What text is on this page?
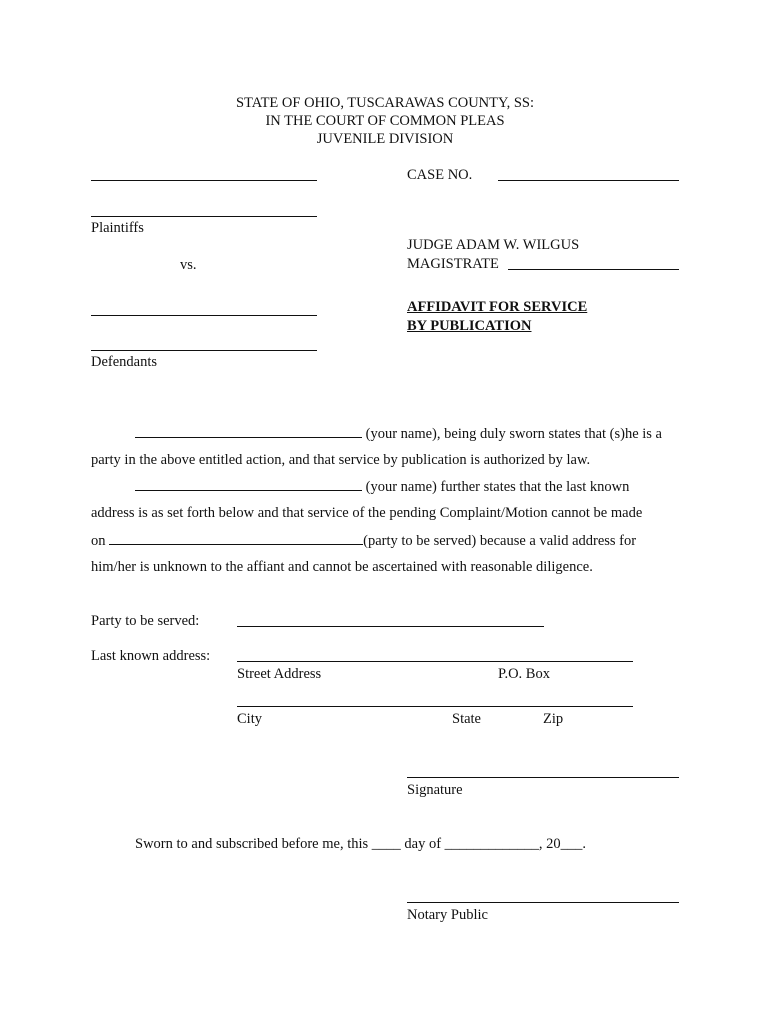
STATE OF OHIO, TUSCARAWAS COUNTY, SS:
IN THE COURT OF COMMON PLEAS
JUVENILE DIVISION
Plaintiffs
vs.
Defendants
CASE NO.
JUDGE ADAM W. WILGUS
MAGISTRATE
AFFIDAVIT FOR SERVICE
BY PUBLICATION
(your name), being duly sworn states that (s)he is a
party in the above entitled action, and that service by publication is authorized by law.
(your name) further states that the last known
address is as set forth below and that service of the pending Complaint/Motion cannot be made
on	(party to be served) because a valid address for
him/her is unknown to the affiant and cannot be ascertained with reasonable diligence.
Party to be served:
Last known address:
Street Address	P.O. Box
City	State	Zip
Signature
Sworn to and subscribed before me, this ____ day of _____________, 20___.
Notary Public
